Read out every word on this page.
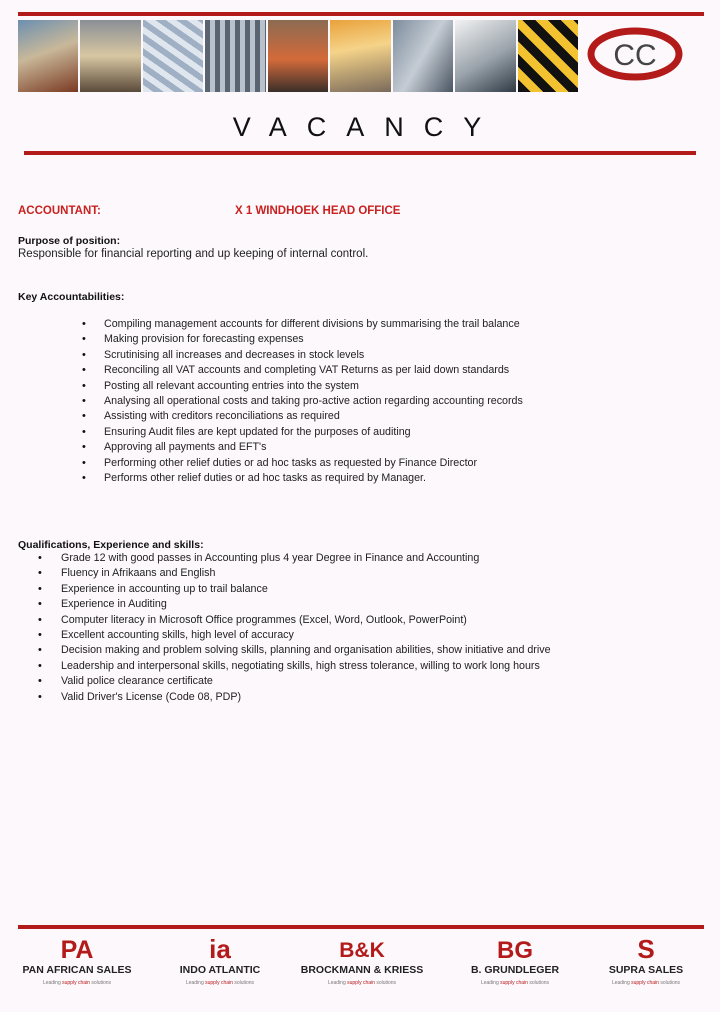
CC
VACANCY
ACCOUNTANT:	X 1 WINDHOEK HEAD OFFICE
Purpose of position:
Responsible for financial reporting and up keeping of internal control.
Key Accountabilities:
• Compiling management accounts for different divisions by summarising the trail balance
• Making provision for forecasting expenses
• Scrutinising all increases and decreases in stock levels
• Reconciling all VAT accounts and completing VAT Returns as per laid down standards
• Posting all relevant accounting entries into the system
• Analysing all operational costs and taking pro-active action regarding accounting records
• Assisting with creditors reconciliations as required
• Ensuring Audit files are kept updated for the purposes of auditing
• Approving all payments and EFT's
• Performing other relief duties or ad hoc tasks as requested by Finance Director
• Performs other relief duties or ad hoc tasks as required by Manager.
Qualifications, Experience and skills:
• Grade 12 with good passes in Accounting plus 4 year Degree in Finance and Accounting
• Fluency in Afrikaans and English
• Experience in accounting up to trail balance
• Experience in Auditing
• Computer literacy in Microsoft Office programmes (Excel, Word, Outlook, PowerPoint)
• Excellent accounting skills, high level of accuracy
• Decision making and problem solving skills, planning and organisation abilities, show initiative and drive
• Leadership and interpersonal skills, negotiating skills, high stress tolerance, willing to work long hours
• Valid police clearance certificate
• Valid Driver's License (Code 08, PDP)
PA
PAN AFRICAN SALES
Leading supply chain solutions
ia
INDO ATLANTIC
Leading supply chain solutions
B&K
BROCKMANN & KRIESS
Leading supply chain solutions
BG
B. GRUNDLEGER
Leading supply chain solutions
S
SUPRA SALES
Leading supply chain solutions
